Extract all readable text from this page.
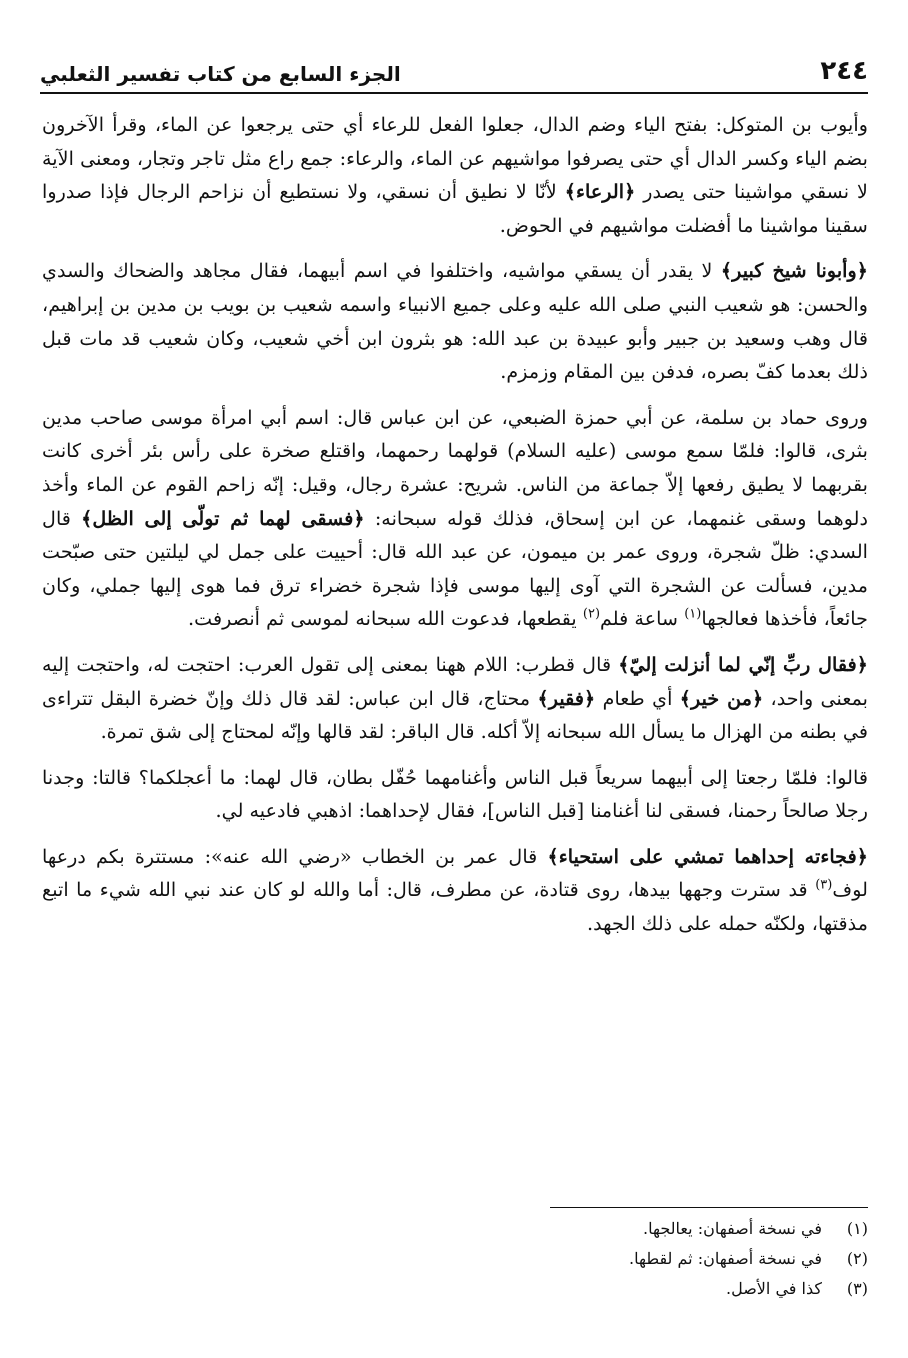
٢٤٤
الجزء السابع من كتاب تفسير الثعلبي

وأيوب بن المتوكل: بفتح الياء وضم الدال، جعلوا الفعل للرعاء أي حتى يرجعوا عن الماء، وقرأ الآخرون بضم الياء وكسر الدال أي حتى يصرفوا مواشيهم عن الماء، والرعاء: جمع راع مثل تاجر وتجار، ومعنى الآية لا نسقي مواشينا حتى يصدر ﴿الرعاء﴾ لأنّا لا نطيق أن نسقي، ولا نستطيع أن نزاحم الرجال فإذا صدروا سقينا مواشينا ما أفضلت مواشيهم في الحوض.

﴿وأبونا شيخ كبير﴾ لا يقدر أن يسقي مواشيه، واختلفوا في اسم أبيهما، فقال مجاهد والضحاك والسدي والحسن: هو شعيب النبي صلى الله عليه وعلى جميع الانبياء واسمه شعيب بن بويب بن مدين بن إبراهيم، قال وهب وسعيد بن جبير وأبو عبيدة بن عبد الله: هو بثرون ابن أخي شعيب، وكان شعيب قد مات قبل ذلك بعدما كفّ بصره، فدفن بين المقام وزمزم.

وروى حماد بن سلمة، عن أبي حمزة الضبعي، عن ابن عباس قال: اسم أبي امرأة موسى صاحب مدين بثرى، قالوا: فلمّا سمع موسى (عليه السلام) قولهما رحمهما، واقتلع صخرة على رأس بئر أخرى كانت بقربهما لا يطيق رفعها إلاّ جماعة من الناس. شريح: عشرة رجال، وقيل: إنّه زاحم القوم عن الماء وأخذ دلوهما وسقى غنمهما، عن ابن إسحاق، فذلك قوله سبحانه: ﴿فسقى لهما ثم تولّى إلى الظل﴾ قال السدي: ظلّ شجرة، وروى عمر بن ميمون، عن عبد الله قال: أحييت على جمل لي ليلتين حتى صبّحت مدين، فسألت عن الشجرة التي آوى إليها موسى فإذا شجرة خضراء ترق فما هوى إليها جملي، وكان جائعاً، فأخذها فعالجها$^{(١)}$ ساعة فلم$^{(٢)}$ يقطعها، فدعوت الله سبحانه لموسى ثم أنصرفت.

﴿فقال ربِّ إنّي لما أنزلت إليّ﴾ قال قطرب: اللام ههنا بمعنى إلى تقول العرب: احتجت له، واحتجت إليه بمعنى واحد، ﴿من خير﴾ أي طعام ﴿فقير﴾ محتاج، قال ابن عباس: لقد قال ذلك وإنّ خضرة البقل تتراءى في بطنه من الهزال ما يسأل الله سبحانه إلاّ أكله. قال الباقر: لقد قالها وإنّه لمحتاج إلى شق تمرة.

قالوا: فلمّا رجعتا إلى أبيهما سريعاً قبل الناس وأغنامهما حُفّل بطان، قال لهما: ما أعجلكما؟ قالتا: وجدنا رجلا صالحاً رحمنا، فسقى لنا أغنامنا [قبل الناس]، فقال لإحداهما: اذهبي فادعيه لي.

﴿فجاءته إحداهما تمشي على استحياء﴾ قال عمر بن الخطاب «رضي الله عنه»: مستترة بكم درعها لوف$^{(٣)}$ قد سترت وجهها بيدها، روى قتادة، عن مطرف، قال: أما والله لو كان عند نبي الله شيء ما اتبع مذقتها، ولكنّه حمله على ذلك الجهد.

(١)
في نسخة أصفهان: يعالجها.
(٢)
في نسخة أصفهان: ثم لقطها.
(٣)
كذا في الأصل.
